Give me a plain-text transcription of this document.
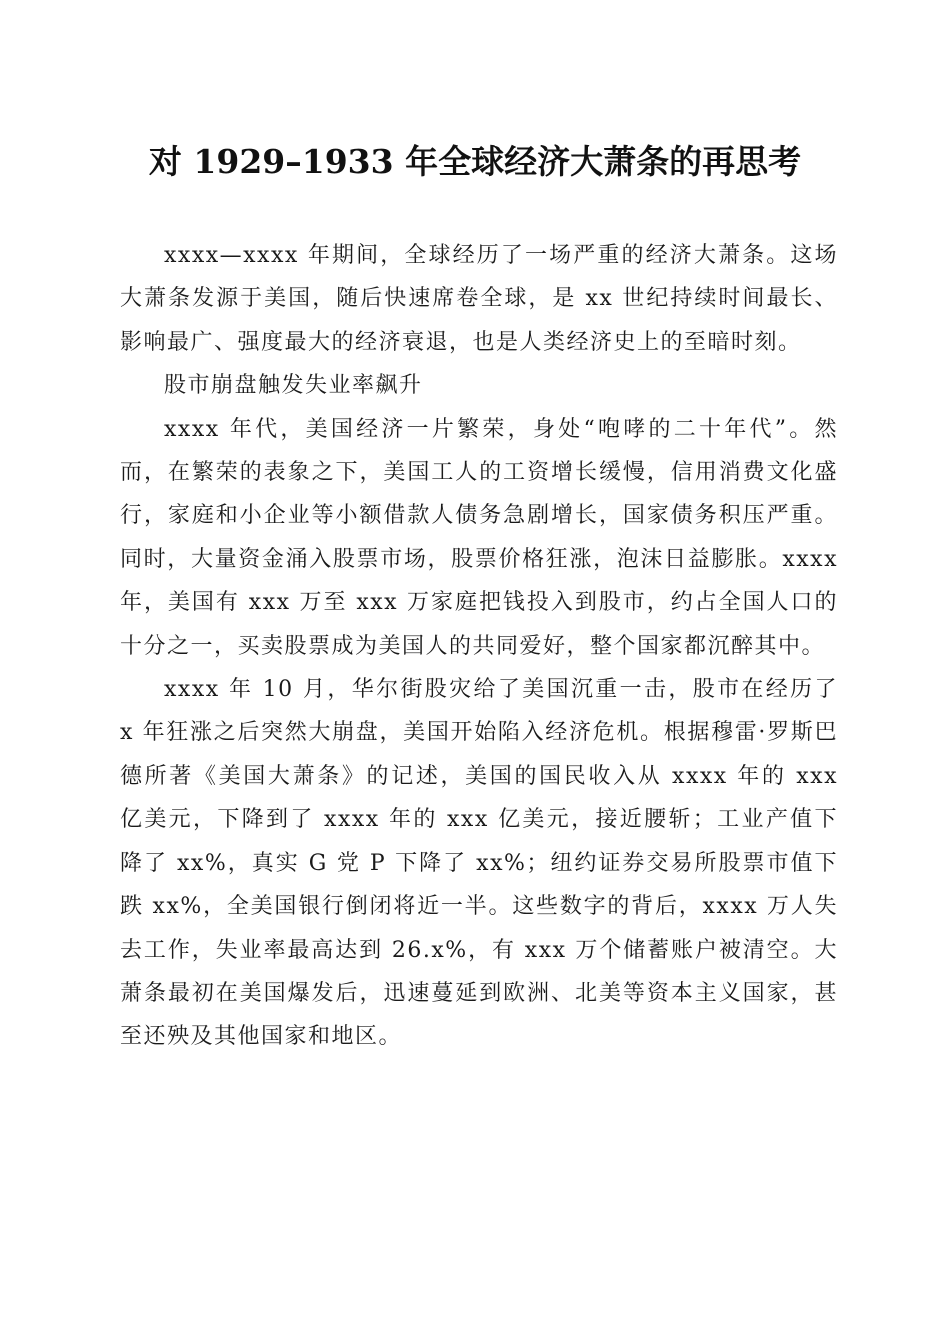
对 1929–1933 年全球经济大萧条的再思考

xxxx—xxxx 年期间，全球经历了一场严重的经济大萧条。这场大萧条发源于美国，随后快速席卷全球，是 xx 世纪持续时间最长、影响最广、强度最大的经济衰退，也是人类经济史上的至暗时刻。

股市崩盘触发失业率飙升

xxxx 年代，美国经济一片繁荣，身处“咆哮的二十年代”。然而，在繁荣的表象之下，美国工人的工资增长缓慢，信用消费文化盛行，家庭和小企业等小额借款人债务急剧增长，国家债务积压严重。同时，大量资金涌入股票市场，股票价格狂涨，泡沫日益膨胀。xxxx 年，美国有 xxx 万至 xxx 万家庭把钱投入到股市，约占全国人口的十分之一，买卖股票成为美国人的共同爱好，整个国家都沉醉其中。

xxxx 年 10 月，华尔街股灾给了美国沉重一击，股市在经历了 x 年狂涨之后突然大崩盘，美国开始陷入经济危机。根据穆雷·罗斯巴德所著《美国大萧条》的记述，美国的国民收入从 xxxx 年的 xxx 亿美元，下降到了 xxxx 年的 xxx 亿美元，接近腰斩；工业产值下降了 xx%，真实 G 党 P 下降了 xx%；纽约证券交易所股票市值下跌 xx%，全美国银行倒闭将近一半。这些数字的背后，xxxx 万人失去工作，失业率最高达到 26.x%，有 xxx 万个储蓄账户被清空。大萧条最初在美国爆发后，迅速蔓延到欧洲、北美等资本主义国家，甚至还殃及其他国家和地区。
